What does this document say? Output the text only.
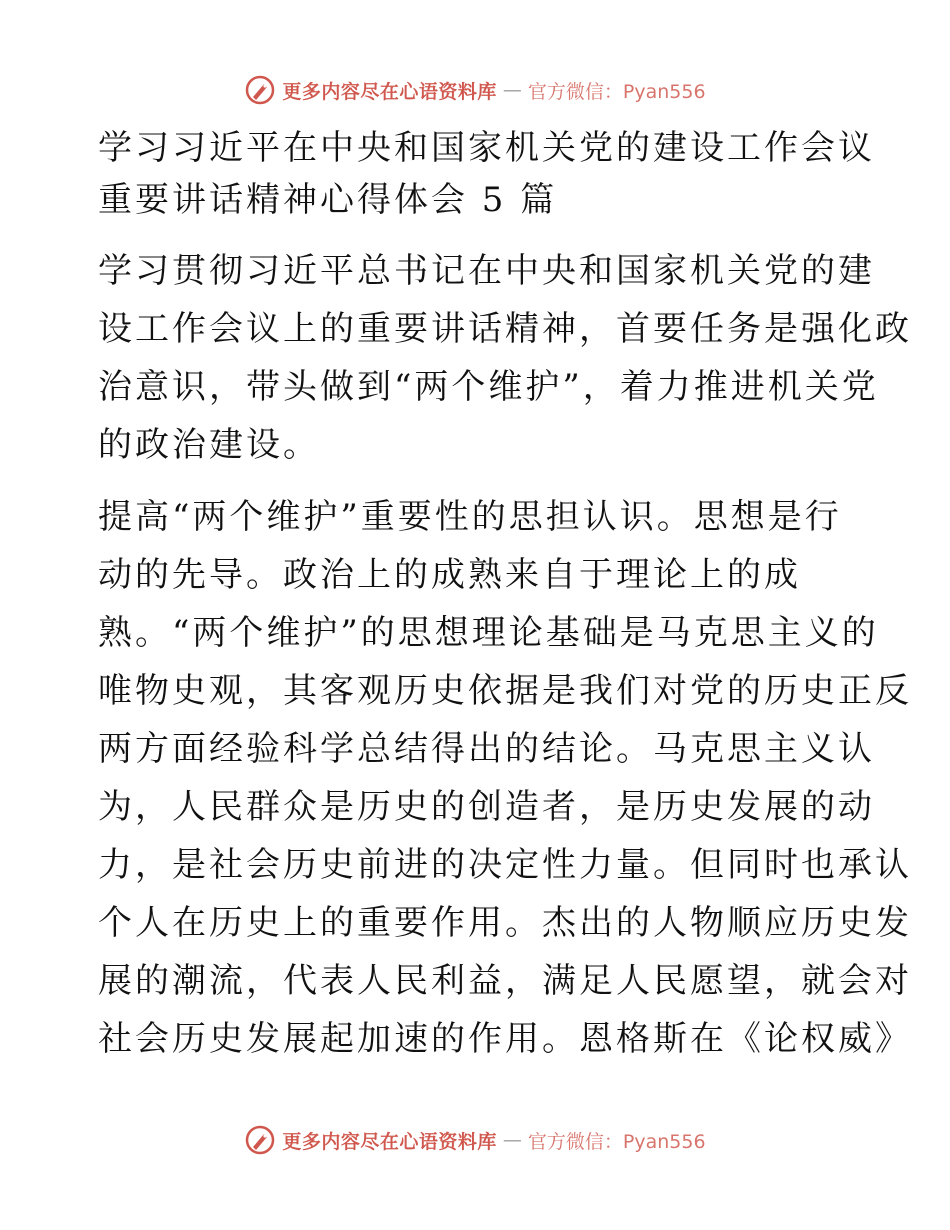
更多内容尽在心语资料库 — 官方微信：Pyan556
学习习近平在中央和国家机关党的建设工作会议
重要讲话精神心得体会 5 篇

学习贯彻习近平总书记在中央和国家机关党的建
设工作会议上的重要讲话精神，首要任务是强化政
治意识，带头做到“两个维护”，着力推进机关党
的政治建设。

提高“两个维护”重要性的思担认识。思想是行
动的先导。政治上的成熟来自于理论上的成
熟。“两个维护”的思想理论基础是马克思主义的
唯物史观，其客观历史依据是我们对党的历史正反
两方面经验科学总结得出的结论。马克思主义认
为，人民群众是历史的创造者，是历史发展的动
力，是社会历史前进的决定性力量。但同时也承认
个人在历史上的重要作用。杰出的人物顺应历史发
展的潮流，代表人民利益，满足人民愿望，就会对
社会历史发展起加速的作用。恩格斯在《论权威》

更多内容尽在心语资料库 — 官方微信：Pyan556
